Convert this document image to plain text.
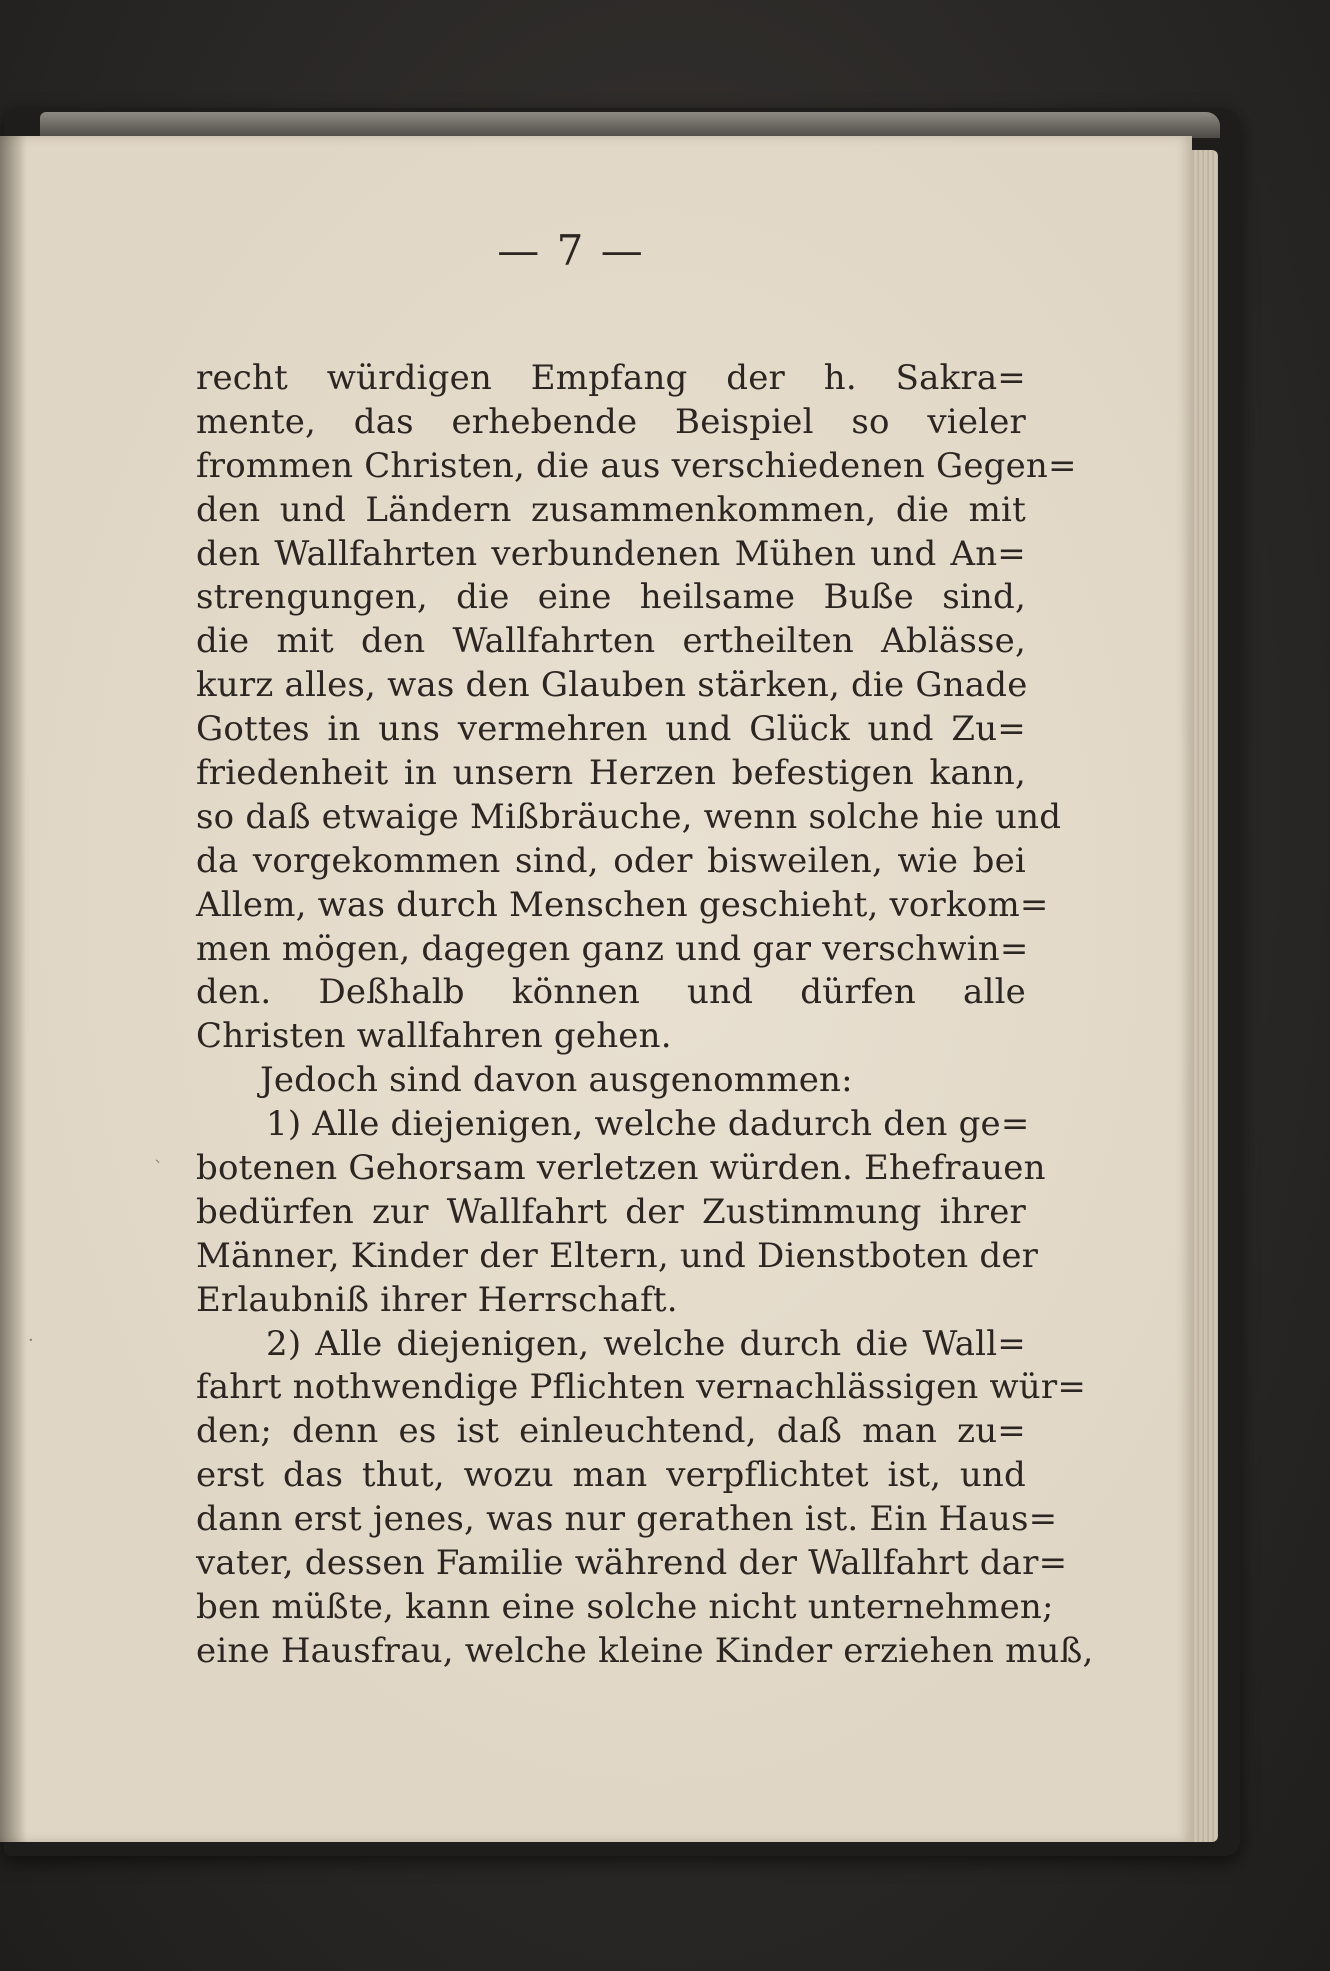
— 7 —
recht würdigen Empfang der h. Sakra=
mente, das erhebende Beispiel so vieler
frommen Christen, die aus verschiedenen Gegen=
den und Ländern zusammenkommen, die mit
den Wallfahrten verbundenen Mühen und An=
strengungen, die eine heilsame Buße sind,
die mit den Wallfahrten ertheilten Ablässe,
kurz alles, was den Glauben stärken, die Gnade
Gottes in uns vermehren und Glück und Zu=
friedenheit in unsern Herzen befestigen kann,
so daß etwaige Mißbräuche, wenn solche hie und
da vorgekommen sind, oder bisweilen, wie bei
Allem, was durch Menschen geschieht, vorkom=
men mögen, dagegen ganz und gar verschwin=
den. Deßhalb können und dürfen alle
Christen wallfahren gehen.
Jedoch sind davon ausgenommen:
1) Alle diejenigen, welche dadurch den ge=
botenen Gehorsam verletzen würden. Ehefrauen
bedürfen zur Wallfahrt der Zustimmung ihrer
Männer, Kinder der Eltern, und Dienstboten der
Erlaubniß ihrer Herrschaft.
2) Alle diejenigen, welche durch die Wall=
fahrt nothwendige Pflichten vernachlässigen wür=
den; denn es ist einleuchtend, daß man zu=
erst das thut, wozu man verpflichtet ist, und
dann erst jenes, was nur gerathen ist. Ein Haus=
vater, dessen Familie während der Wallfahrt dar=
ben müßte, kann eine solche nicht unternehmen;
eine Hausfrau, welche kleine Kinder erziehen muß,
`
·
